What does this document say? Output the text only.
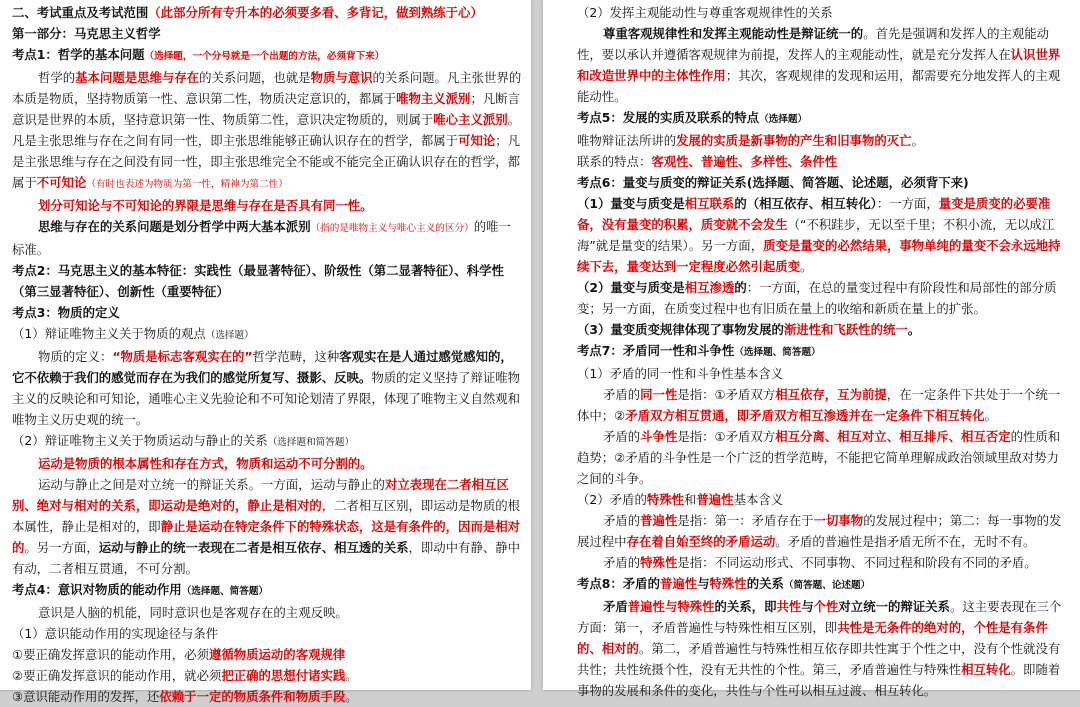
二、考试重点及考试范围（此部分所有专升本的必须要多看、多背记，做到熟练于心）

第一部分：马克思主义哲学

考点1：哲学的基本问题（选择题，一个分号就是一个出题的方法，必须背下来）

哲学的基本问题是思维与存在的关系问题，也就是物质与意识的关系问题。凡主张世界的本质是物质，坚持物质第一性、意识第二性，物质决定意识的，都属于唯物主义派别；凡断言意识是世界的本质，坚持意识第一性、物质第二性，意识决定物质的，则属于唯心主义派别。凡是主张思维与存在之间有同一性，即主张思维能够正确认识存在的哲学，都属于可知论；凡是主张思维与存在之间没有同一性，即主张思维完全不能或不能完全正确认识存在的哲学，都属于不可知论（有时也表述为物质为第一性，精神为第二性）

划分可知论与不可知论的界限是思维与存在是否具有同一性。

思维与存在的关系问题是划分哲学中两大基本派别（指的是唯物主义与唯心主义的区分）的唯一标准。

考点2：马克思主义的基本特征：实践性（最显著特征）、阶级性（第二显著特征）、科学性（第三显著特征）、创新性（重要特征）

考点3：物质的定义

（1）辩证唯物主义关于物质的观点（选择题）

物质的定义：“物质是标志客观实在的”哲学范畴，这种客观实在是人通过感觉感知的，它不依赖于我们的感觉而存在为我们的感觉所复写、摄影、反映。物质的定义坚持了辩证唯物主义的反映论和可知论，通唯心主义先验论和不可知论划清了界限，体现了唯物主义自然观和唯物主义历史观的统一。

（2）辩证唯物主义关于物质运动与静止的关系（选择题和简答题）

运动是物质的根本属性和存在方式，物质和运动不可分割的。

运动与静止之间是对立统一的辩证关系。一方面，运动与静止的对立表现在二者相互区别、绝对与相对的关系，即运动是绝对的，静止是相对的，二者相互区别，即运动是物质的根本属性，静止是相对的，即静止是运动在特定条件下的特殊状态，这是有条件的，因而是相对的。另一方面，运动与静止的统一表现在二者是相互依存、相互透的关系，即动中有静、静中有动，二者相互贯通，不可分割。

考点4：意识对物质的能动作用（选择题、简答题）

意识是人脑的机能，同时意识也是客观存在的主观反映。

（1）意识能动作用的实现途径与条件

①要正确发挥意识的能动作用，必须遵循物质运动的客观规律

②要正确发挥意识的能动作用，就必须把正确的思想付诸实践。

③意识能动作用的发挥，还依赖于一定的物质条件和物质手段。

（2）发挥主观能动性与尊重客观规律性的关系

尊重客观规律性和发挥主观能动性是辩证统一的。首先是强调和发挥人的主观能动性，要以承认并遵循客观规律为前提，发挥人的主观能动性，就是充分发挥人在认识世界和改造世界中的主体性作用；其次，客观规律的发现和运用，都需要充分地发挥人的主观能动性。

考点5：发展的实质及联系的特点（选择题）

唯物辩证法所讲的发展的实质是新事物的产生和旧事物的灭亡。

联系的特点：客观性、普遍性、多样性、条件性

考点6：量变与质变的辩证关系(选择题、简答题、论述题，必须背下来)

（1）量变与质变是相互联系的（相互依存、相互转化）：一方面，量变是质变的必要准备，没有量变的积累，质变就不会发生（“不积跬步，无以至千里；不积小流，无以成江海”就是量变的结果）。另一方面，质变是量变的必然结果，事物单纯的量变不会永远地持续下去，量变达到一定程度必然引起质变。

（2）量变与质变是相互渗透的：一方面，在总的量变过程中有阶段性和局部性的部分质变；另一方面，在质变过程中也有旧质在量上的收缩和新质在量上的扩张。

（3）量变质变规律体现了事物发展的渐进性和飞跃性的统一。

考点7：矛盾同一性和斗争性（选择题、简答题）

（1）矛盾的同一性和斗争性基本含义

矛盾的同一性是指：①矛盾双方相互依存，互为前提，在一定条件下共处于一个统一体中；②矛盾双方相互贯通，即矛盾双方相互渗透并在一定条件下相互转化。

矛盾的斗争性是指：①矛盾双方相互分离、相互对立、相互排斥、相互否定的性质和趋势；②矛盾的斗争性是一个广泛的哲学范畴，不能把它简单理解成政治领域里敌对势力之间的斗争。

（2）矛盾的特殊性和普遍性基本含义

矛盾的普遍性是指：第一：矛盾存在于一切事物的发展过程中；第二：每一事物的发展过程中存在着自始至终的矛盾运动。矛盾的普遍性是指矛盾无所不在，无时不有。

矛盾的特殊性是指：不同运动形式、不同事物、不同过程和阶段有不同的矛盾。

考点8：矛盾的普遍性与特殊性的关系（简答题、论述题）

矛盾普遍性与特殊性的关系，即共性与个性对立统一的辩证关系。这主要表现在三个方面：第一，矛盾普遍性与特殊性相互区别，即共性是无条件的绝对的，个性是有条件的、相对的。第二，矛盾普遍性与特殊性相互依存即共性寓于个性之中，没有个性就没有共性；共性统摄个性，没有无共性的个性。第三，矛盾普遍性与特殊性相互转化。即随着事物的发展和条件的变化，共性与个性可以相互过渡、相互转化。
